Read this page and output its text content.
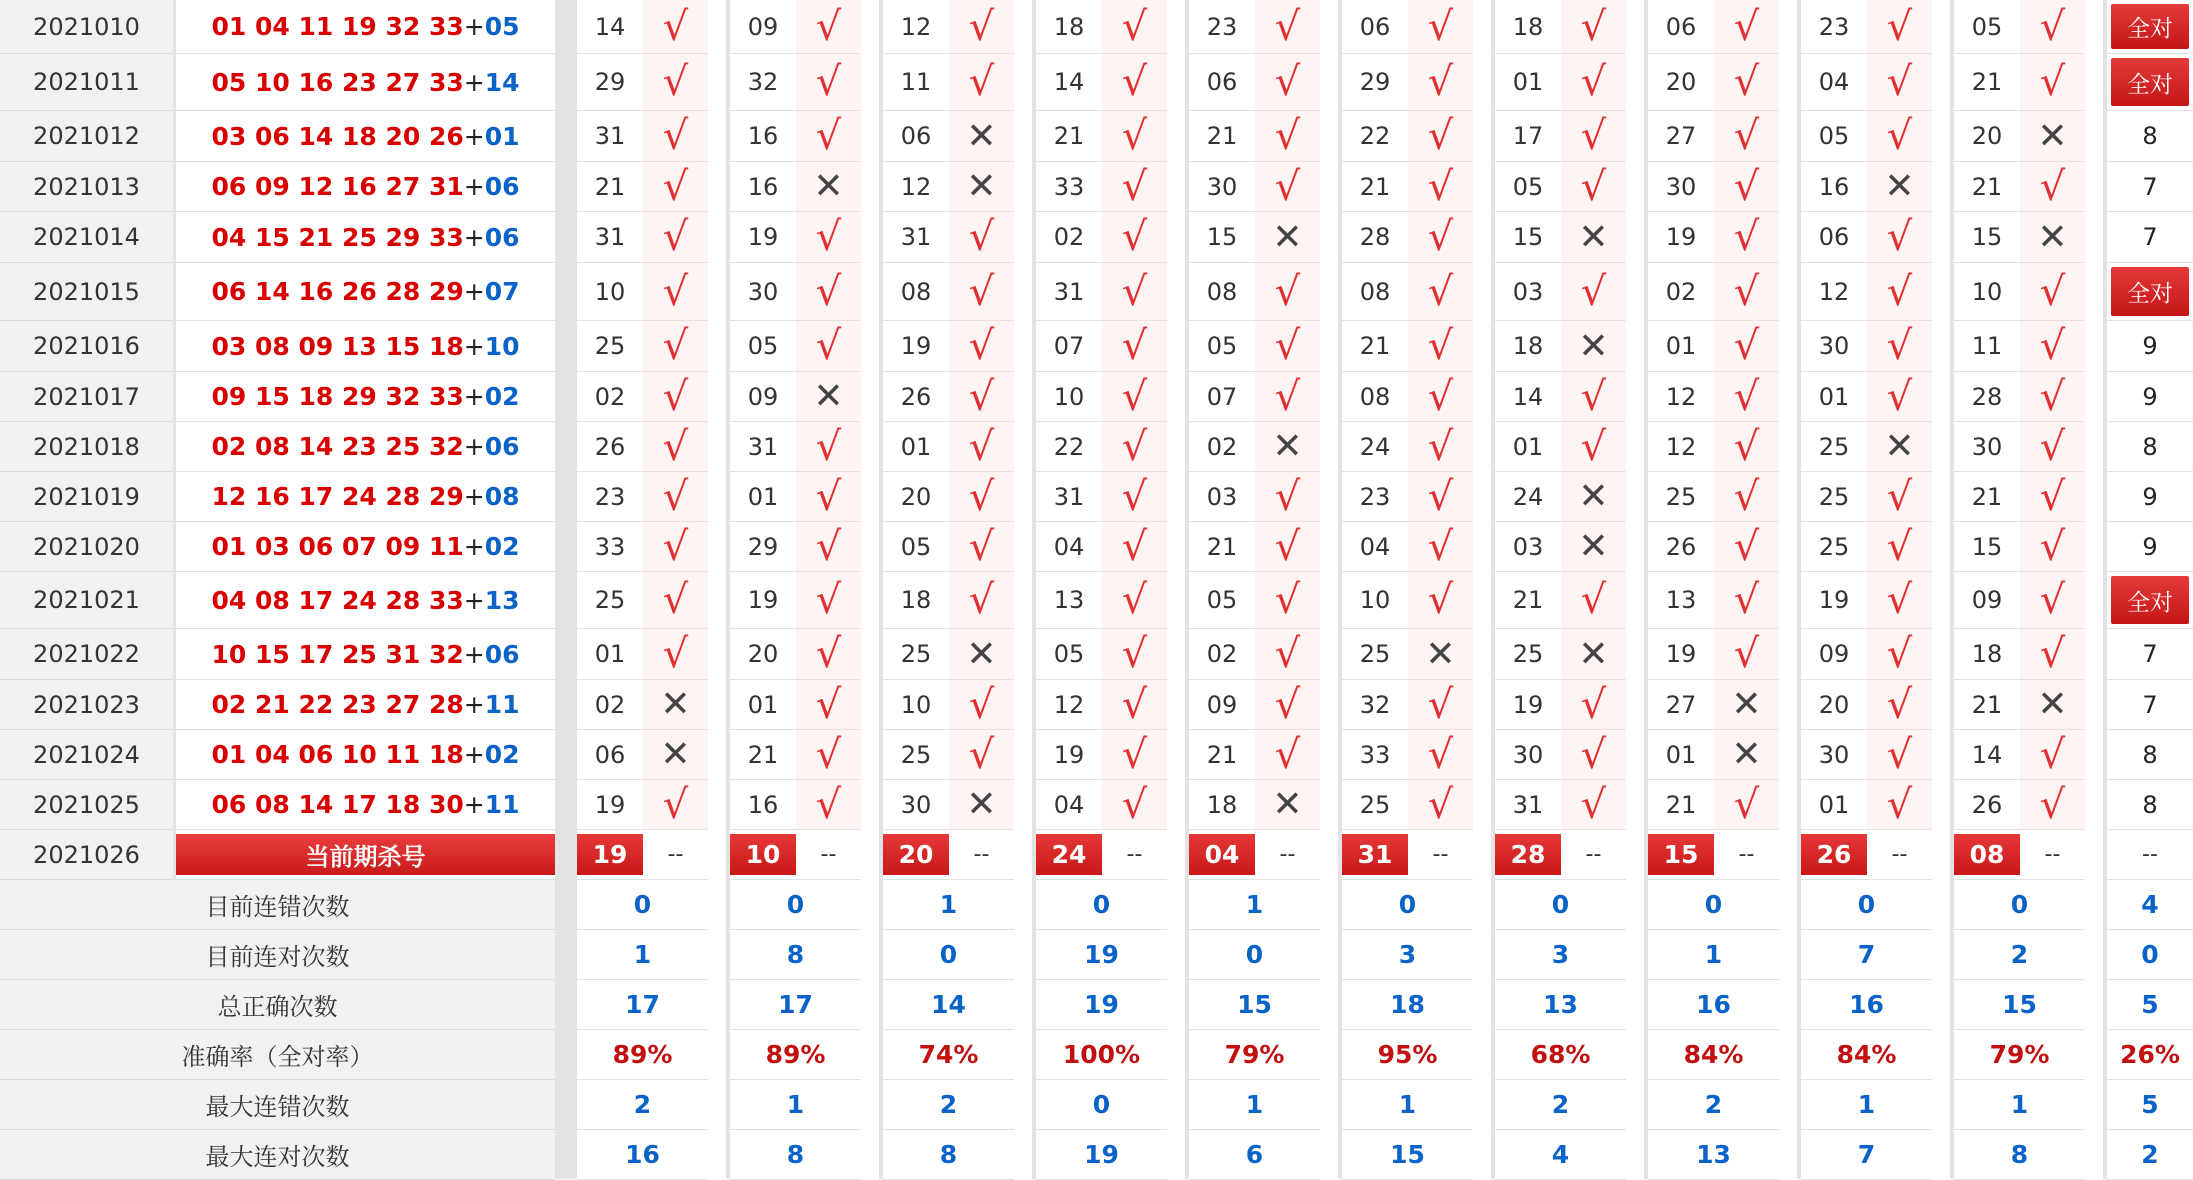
2021010	01 04 11 19 32 33 + 05	14 √	09 √	12 √	18 √	23 √	06 √	18 √	06 √	23 √	05 √	全对
2021011	05 10 16 23 27 33 + 14	29 √	32 √	11 √	14 √	06 √	29 √	01 √	20 √	04 √	21 √	全对
2021012	03 06 14 18 20 26 + 01	31 √	16 √	06 ✕	21 √	21 √	22 √	17 √	27 √	05 √	20 ✕	8
2021013	06 09 12 16 27 31 + 06	21 √	16 ✕	12 ✕	33 √	30 √	21 √	05 √	30 √	16 ✕	21 √	7
2021014	04 15 21 25 29 33 + 06	31 √	19 √	31 √	02 √	15 ✕	28 √	15 ✕	19 √	06 √	15 ✕	7
2021015	06 14 16 26 28 29 + 07	10 √	30 √	08 √	31 √	08 √	08 √	03 √	02 √	12 √	10 √	全对
2021016	03 08 09 13 15 18 + 10	25 √	05 √	19 √	07 √	05 √	21 √	18 ✕	01 √	30 √	11 √	9
2021017	09 15 18 29 32 33 + 02	02 √	09 ✕	26 √	10 √	07 √	08 √	14 √	12 √	01 √	28 √	9
2021018	02 08 14 23 25 32 + 06	26 √	31 √	01 √	22 √	02 ✕	24 √	01 √	12 √	25 ✕	30 √	8
2021019	12 16 17 24 28 29 + 08	23 √	01 √	20 √	31 √	03 √	23 √	24 ✕	25 √	25 √	21 √	9
2021020	01 03 06 07 09 11 + 02	33 √	29 √	05 √	04 √	21 √	04 √	03 ✕	26 √	25 √	15 √	9
2021021	04 08 17 24 28 33 + 13	25 √	19 √	18 √	13 √	05 √	10 √	21 √	13 √	19 √	09 √	全对
2021022	10 15 17 25 31 32 + 06	01 √	20 √	25 ✕	05 √	02 √	25 ✕	25 ✕	19 √	09 √	18 √	7
2021023	02 21 22 23 27 28 + 11	02 ✕	01 √	10 √	12 √	09 √	32 √	19 √	27 ✕	20 √	21 ✕	7
2021024	01 04 06 10 11 18 + 02	06 ✕	21 √	25 √	19 √	21 √	33 √	30 √	01 ✕	30 √	14 √	8
2021025	06 08 14 17 18 30 + 11	19 √	16 √	30 ✕	04 √	18 ✕	25 √	31 √	21 √	01 √	26 √	8
2021026	当前期杀号	19	--	10	--	20	--	24	--	04	--	31	--	28	--	15	--	26	--	08	--	--
目前连错次数	0	0	1	0	1	0	0	0	0	0	4
目前连对次数	1	8	0	19	0	3	3	1	7	2	0
总正确次数	17	17	14	19	15	18	13	16	16	15	5
准确率（全对率）	89%	89%	74%	100%	79%	95%	68%	84%	84%	79%	26%
最大连错次数	2	1	2	0	1	1	2	2	1	1	5
最大连对次数	16	8	8	19	6	15	4	13	7	8	2
